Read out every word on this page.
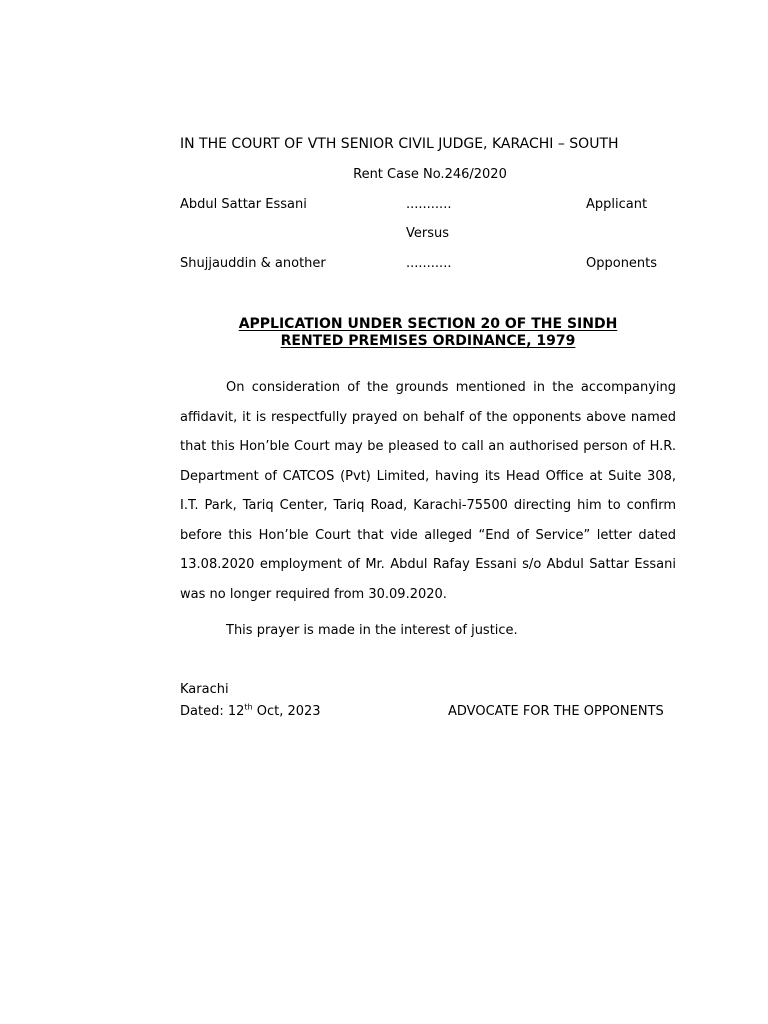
IN THE COURT OF VTH SENIOR CIVIL JUDGE, KARACHI – SOUTH
Rent Case No.246/2020
Abdul Sattar Essani	...........	Applicant
Versus
Shujjauddin & another	...........	Opponents
APPLICATION UNDER SECTION 20 OF THE SINDH
RENTED PREMISES ORDINANCE, 1979
On consideration of the grounds mentioned in the accompanying affidavit, it is respectfully prayed on behalf of the opponents above named that this Hon’ble Court may be pleased to call an authorised person of H.R. Department of CATCOS (Pvt) Limited, having its Head Office at Suite 308, I.T. Park, Tariq Center, Tariq Road, Karachi-75500 directing him to confirm before this Hon’ble Court that vide alleged “End of Service” letter dated 13.08.2020 employment of Mr. Abdul Rafay Essani s/o Abdul Sattar Essani was no longer required from 30.09.2020.
This prayer is made in the interest of justice.
Karachi
Dated: 12th Oct, 2023	ADVOCATE FOR THE OPPONENTS
